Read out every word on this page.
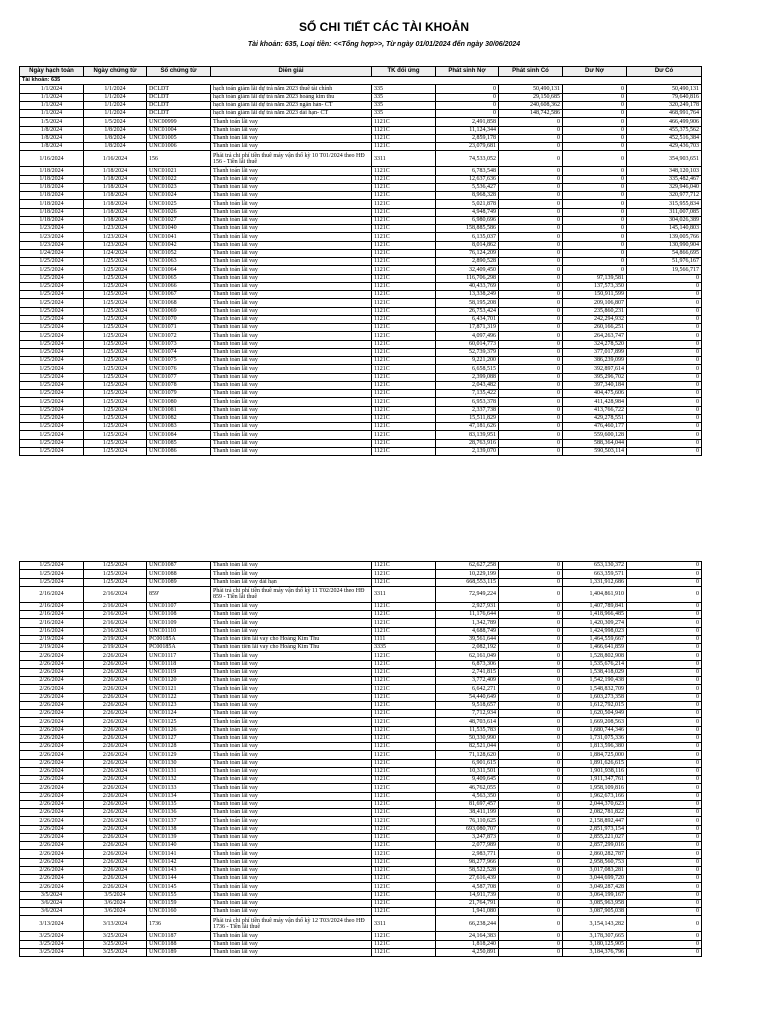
SỔ CHI TIẾT CÁC TÀI KHOẢN
Tài khoản: 635, Loại tiền: <<Tổng hợp>>, Từ ngày 01/01/2024 đến ngày 30/06/2024
Ngày hạch toán	Ngày chứng từ	Số chứng từ	Diễn giải	TK đối ứng	Phát sinh Nợ	Phát sinh Có	Dư Nợ	Dư Có
Tài khoản: 635								
1/1/2024	1/1/2024	DCLDT	hạch toán giảm lãi dự trả năm 2023 thuê tài chính	335	0	50,490,131	0	50,490,131
1/1/2024	1/1/2024	DCLDT	hạch toán giảm lãi dự trả năm 2023 hoàng kim thu	335	0	29,150,685	0	79,640,816
1/1/2024	1/1/2024	DCLDT	hạch toán giảm lãi dự trả năm 2023 ngân hàn- CT	335	0	240,608,362	0	320,249,178
1/1/2024	1/1/2024	DCLDT	hạch toán giảm lãi dự trả năm 2023 dài hạn- CT	335	0	148,742,586	0	468,991,764
1/5/2024	1/5/2024	UNC00999	Thanh toán lãi vay	1121C	2,491,858	0	0	466,499,906
1/8/2024	1/8/2024	UNC01004	Thanh toán lãi vay	1121C	11,124,344	0	0	455,375,562
1/8/2024	1/8/2024	UNC01005	Thanh toán lãi vay	1121C	2,859,178	0	0	452,516,384
1/8/2024	1/8/2024	UNC01006	Thanh toán lãi vay	1121C	23,079,681	0	0	429,436,703
1/16/2024	1/16/2024	156	Phải trả chi phí tiền thuê máy vận thổ kỳ 10 T01/2024 theo HĐ 156 - Tiền lãi thuê	3311	74,533,052	0	0	354,903,651
1/18/2024	1/18/2024	UNC01021	Thanh toán lãi vay	1121C	6,783,548	0	0	348,120,103
1/18/2024	1/18/2024	UNC01022	Thanh toán lãi vay	1121C	12,637,636	0	0	335,482,467
1/18/2024	1/18/2024	UNC01023	Thanh toán lãi vay	1121C	5,536,427	0	0	329,946,040
1/18/2024	1/18/2024	UNC01024	Thanh toán lãi vay	1121C	8,968,328	0	0	320,977,712
1/18/2024	1/18/2024	UNC01025	Thanh toán lãi vay	1121C	5,021,878	0	0	315,955,834
1/18/2024	1/18/2024	UNC01026	Thanh toán lãi vay	1121C	4,948,749	0	0	311,007,085
1/18/2024	1/18/2024	UNC01027	Thanh toán lãi vay	1121C	6,980,696	0	0	304,026,389
1/23/2024	1/23/2024	UNC01040	Thanh toán lãi vay	1121C	158,885,586	0	0	145,140,803
1/23/2024	1/23/2024	UNC01041	Thanh toán lãi vay	1121C	6,135,037	0	0	139,005,766
1/23/2024	1/23/2024	UNC01042	Thanh toán lãi vay	1121C	8,014,862	0	0	130,990,904
1/24/2024	1/24/2024	UNC01052	Thanh toán lãi vay	1121C	76,124,209	0	0	54,866,695
1/25/2024	1/25/2024	UNC01063	Thanh toán lãi vay	1121C	2,890,528	0	0	51,976,167
1/25/2024	1/25/2024	UNC01064	Thanh toán lãi vay	1121C	32,409,450	0	0	19,566,717
1/25/2024	1/25/2024	UNC01065	Thanh toán lãi vay	1121C	116,706,298	0	97,139,581	0
1/25/2024	1/25/2024	UNC01066	Thanh toán lãi vay	1121C	40,433,769	0	137,573,350	0
1/25/2024	1/25/2024	UNC01067	Thanh toán lãi vay	1121C	13,338,249	0	150,911,599	0
1/25/2024	1/25/2024	UNC01068	Thanh toán lãi vay	1121C	58,195,208	0	209,106,807	0
1/25/2024	1/25/2024	UNC01069	Thanh toán lãi vay	1121C	26,753,424	0	235,860,231	0
1/25/2024	1/25/2024	UNC01070	Thanh toán lãi vay	1121C	6,434,701	0	242,294,932	0
1/25/2024	1/25/2024	UNC01071	Thanh toán lãi vay	1121C	17,871,319	0	260,166,251	0
1/25/2024	1/25/2024	UNC01072	Thanh toán lãi vay	1121C	4,097,496	0	264,263,747	0
1/25/2024	1/25/2024	UNC01073	Thanh toán lãi vay	1121C	60,014,773	0	324,278,520	0
1/25/2024	1/25/2024	UNC01074	Thanh toán lãi vay	1121C	52,739,379	0	377,017,899	0
1/25/2024	1/25/2024	UNC01075	Thanh toán lãi vay	1121C	9,221,200	0	386,239,099	0
1/25/2024	1/25/2024	UNC01076	Thanh toán lãi vay	1121C	6,658,515	0	392,897,614	0
1/25/2024	1/25/2024	UNC01077	Thanh toán lãi vay	1121C	2,399,088	0	395,296,702	0
1/25/2024	1/25/2024	UNC01078	Thanh toán lãi vay	1121C	2,043,482	0	397,340,184	0
1/25/2024	1/25/2024	UNC01079	Thanh toán lãi vay	1121C	7,135,422	0	404,475,606	0
1/25/2024	1/25/2024	UNC01080	Thanh toán lãi vay	1121C	6,953,378	0	411,428,984	0
1/25/2024	1/25/2024	UNC01081	Thanh toán lãi vay	1121C	2,337,738	0	413,766,722	0
1/25/2024	1/25/2024	UNC01082	Thanh toán lãi vay	1121C	15,511,829	0	429,278,551	0
1/25/2024	1/25/2024	UNC01083	Thanh toán lãi vay	1121C	47,181,626	0	476,460,177	0
1/25/2024	1/25/2024	UNC01084	Thanh toán lãi vay	1121C	83,139,951	0	559,600,128	0
1/25/2024	1/25/2024	UNC01085	Thanh toán lãi vay	1121C	28,763,916	0	588,364,044	0
1/25/2024	1/25/2024	UNC01086	Thanh toán lãi vay	1121C	2,139,070	0	590,503,114	0
1/25/2024	1/25/2024	UNC01087	Thanh toán lãi vay	1121C	62,627,258	0	653,130,372	0
1/25/2024	1/25/2024	UNC01088	Thanh toán lãi vay	1121C	10,229,199	0	663,359,571	0
1/25/2024	1/25/2024	UNC01089	Thanh toán lãi vay dài hạn	1121C	668,553,115	0	1,331,912,686	0
2/16/2024	2/16/2024	859'	Phải trả chi phí tiền thuê máy vận thổ kỳ 11 T02/2024 theo HĐ 859 - Tiền lãi thuê	3311	72,949,224	0	1,404,861,910	0
2/16/2024	2/16/2024	UNC01107	Thanh toán lãi vay	1121C	2,927,931	0	1,407,789,841	0
2/16/2024	2/16/2024	UNC01108	Thanh toán lãi vay	1121C	11,176,644	0	1,418,966,485	0
2/16/2024	2/16/2024	UNC01109	Thanh toán lãi vay	1121C	1,342,789	0	1,420,309,274	0
2/16/2024	2/16/2024	UNC01110	Thanh toán lãi vay	1121C	4,688,749	0	1,424,998,023	0
2/19/2024	2/19/2024	PC00185A	Thanh toán tiền lãi vay cho Hoàng Kim Thu	1111	39,561,644	0	1,464,559,667	0
2/19/2024	2/19/2024	PC00185A	Thanh toán tiền lãi vay cho Hoàng Kim Thu	3335	2,082,192	0	1,466,641,859	0
2/26/2024	2/26/2024	UNC01117	Thanh toán lãi vay	1121C	62,161,049	0	1,528,802,908	0
2/26/2024	2/26/2024	UNC01118	Thanh toán lãi vay	1121C	6,873,306	0	1,535,676,214	0
2/26/2024	2/26/2024	UNC01119	Thanh toán lãi vay	1121C	2,741,815	0	1,538,418,029	0
2/26/2024	2/26/2024	UNC01120	Thanh toán lãi vay	1121C	3,772,409	0	1,542,190,438	0
2/26/2024	2/26/2024	UNC01121	Thanh toán lãi vay	1121C	6,642,271	0	1,548,832,709	0
2/26/2024	2/26/2024	UNC01122	Thanh toán lãi vay	1121C	54,440,649	0	1,603,273,358	0
2/26/2024	2/26/2024	UNC01123	Thanh toán lãi vay	1121C	9,518,657	0	1,612,792,015	0
2/26/2024	2/26/2024	UNC01124	Thanh toán lãi vay	1121C	7,712,934	0	1,620,504,949	0
2/26/2024	2/26/2024	UNC01125	Thanh toán lãi vay	1121C	48,703,614	0	1,669,208,563	0
2/26/2024	2/26/2024	UNC01126	Thanh toán lãi vay	1121C	11,535,783	0	1,680,744,346	0
2/26/2024	2/26/2024	UNC01127	Thanh toán lãi vay	1121C	50,330,990	0	1,731,075,336	0
2/26/2024	2/26/2024	UNC01128	Thanh toán lãi vay	1121C	82,521,044	0	1,813,596,380	0
2/26/2024	2/26/2024	UNC01129	Thanh toán lãi vay	1121C	71,128,620	0	1,884,725,000	0
2/26/2024	2/26/2024	UNC01130	Thanh toán lãi vay	1121C	6,901,615	0	1,891,626,615	0
2/26/2024	2/26/2024	UNC01131	Thanh toán lãi vay	1121C	10,311,501	0	1,901,938,116	0
2/26/2024	2/26/2024	UNC01132	Thanh toán lãi vay	1121C	9,409,645	0	1,911,347,761	0
2/26/2024	2/26/2024	UNC01133	Thanh toán lãi vay	1121C	46,762,055	0	1,958,109,816	0
2/26/2024	2/26/2024	UNC01134	Thanh toán lãi vay	1121C	4,563,350	0	1,962,673,166	0
2/26/2024	2/26/2024	UNC01135	Thanh toán lãi vay	1121C	81,697,457	0	2,044,370,623	0
2/26/2024	2/26/2024	UNC01136	Thanh toán lãi vay	1121C	38,411,199	0	2,082,781,822	0
2/26/2024	2/26/2024	UNC01137	Thanh toán lãi vay	1121C	76,110,625	0	2,158,892,447	0
2/26/2024	2/26/2024	UNC01138	Thanh toán lãi vay	1121C	693,080,707	0	2,851,973,154	0
2/26/2024	2/26/2024	UNC01139	Thanh toán lãi vay	1121C	3,247,873	0	2,855,221,027	0
2/26/2024	2/26/2024	UNC01140	Thanh toán lãi vay	1121C	2,077,989	0	2,857,299,016	0
2/26/2024	2/26/2024	UNC01141	Thanh toán lãi vay	1121C	2,983,771	0	2,860,282,787	0
2/26/2024	2/26/2024	UNC01142	Thanh toán lãi vay	1121C	98,277,966	0	2,958,560,753	0
2/26/2024	2/26/2024	UNC01143	Thanh toán lãi vay	1121C	58,522,528	0	3,017,083,281	0
2/26/2024	2/26/2024	UNC01144	Thanh toán lãi vay	1121C	27,616,439	0	3,044,699,720	0
2/26/2024	2/26/2024	UNC01145	Thanh toán lãi vay	1121C	4,587,708	0	3,049,287,428	0
3/5/2024	3/5/2024	UNC01155	Thanh toán lãi vay	1121C	14,911,739	0	3,064,199,167	0
3/6/2024	3/6/2024	UNC01159	Thanh toán lãi vay	1121C	21,764,791	0	3,085,963,958	0
3/6/2024	3/6/2024	UNC01160	Thanh toán lãi vay	1121C	1,941,080	0	3,087,905,038	0
3/13/2024	3/13/2024	1736	Phải trả chi phí tiền thuê máy vận thổ kỳ 12 T03/2024 theo HĐ 1736 - Tiền lãi thuê	3311	66,238,244	0	3,154,143,282	0
3/25/2024	3/25/2024	UNC01187	Thanh toán lãi vay	1121C	24,164,383	0	3,178,307,665	0
3/25/2024	3/25/2024	UNC01188	Thanh toán lãi vay	1121C	1,818,240	0	3,180,125,905	0
3/25/2024	3/25/2024	UNC01189	Thanh toán lãi vay	1121C	4,250,891	0	3,184,376,796	0
